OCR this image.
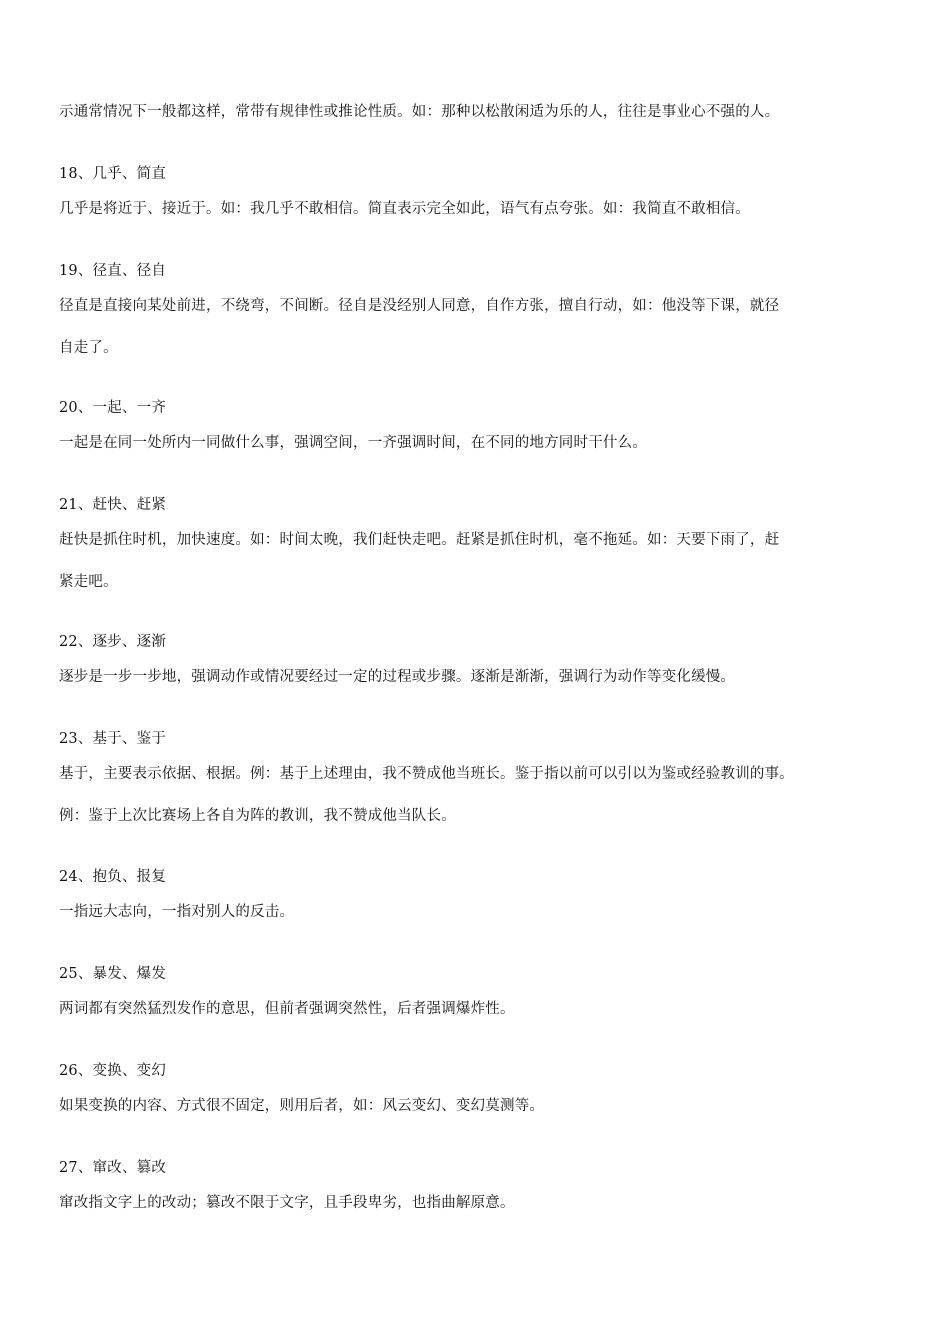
示通常情况下一般都这样，常带有规律性或推论性质。如：那种以松散闲适为乐的人，往往是事业心不强的人。
18、几乎、简直
几乎是将近于、接近于。如：我几乎不敢相信。简直表示完全如此，语气有点夸张。如：我简直不敢相信。
19、径直、径自
径直是直接向某处前进，不绕弯，不间断。径自是没经别人同意，自作方张，擅自行动，如：他没等下课，就径
自走了。
20、一起、一齐
一起是在同一处所内一同做什么事，强调空间，一齐强调时间，在不同的地方同时干什么。
21、赶快、赶紧
赶快是抓住时机，加快速度。如：时间太晚，我们赶快走吧。赶紧是抓住时机，毫不拖延。如：天要下雨了，赶
紧走吧。
22、逐步、逐渐
逐步是一步一步地，强调动作或情况要经过一定的过程或步骤。逐渐是渐渐，强调行为动作等变化缓慢。
23、基于、鉴于
基于，主要表示依据、根据。例：基于上述理由，我不赞成他当班长。鉴于指以前可以引以为鉴或经验教训的事。
例：鉴于上次比赛场上各自为阵的教训，我不赞成他当队长。
24、抱负、报复
一指远大志向，一指对别人的反击。
25、暴发、爆发
两词都有突然猛烈发作的意思，但前者强调突然性，后者强调爆炸性。
26、变换、变幻
如果变换的内容、方式很不固定，则用后者，如：风云变幻、变幻莫测等。
27、窜改、篡改
窜改指文字上的改动；篡改不限于文字，且手段卑劣，也指曲解原意。
